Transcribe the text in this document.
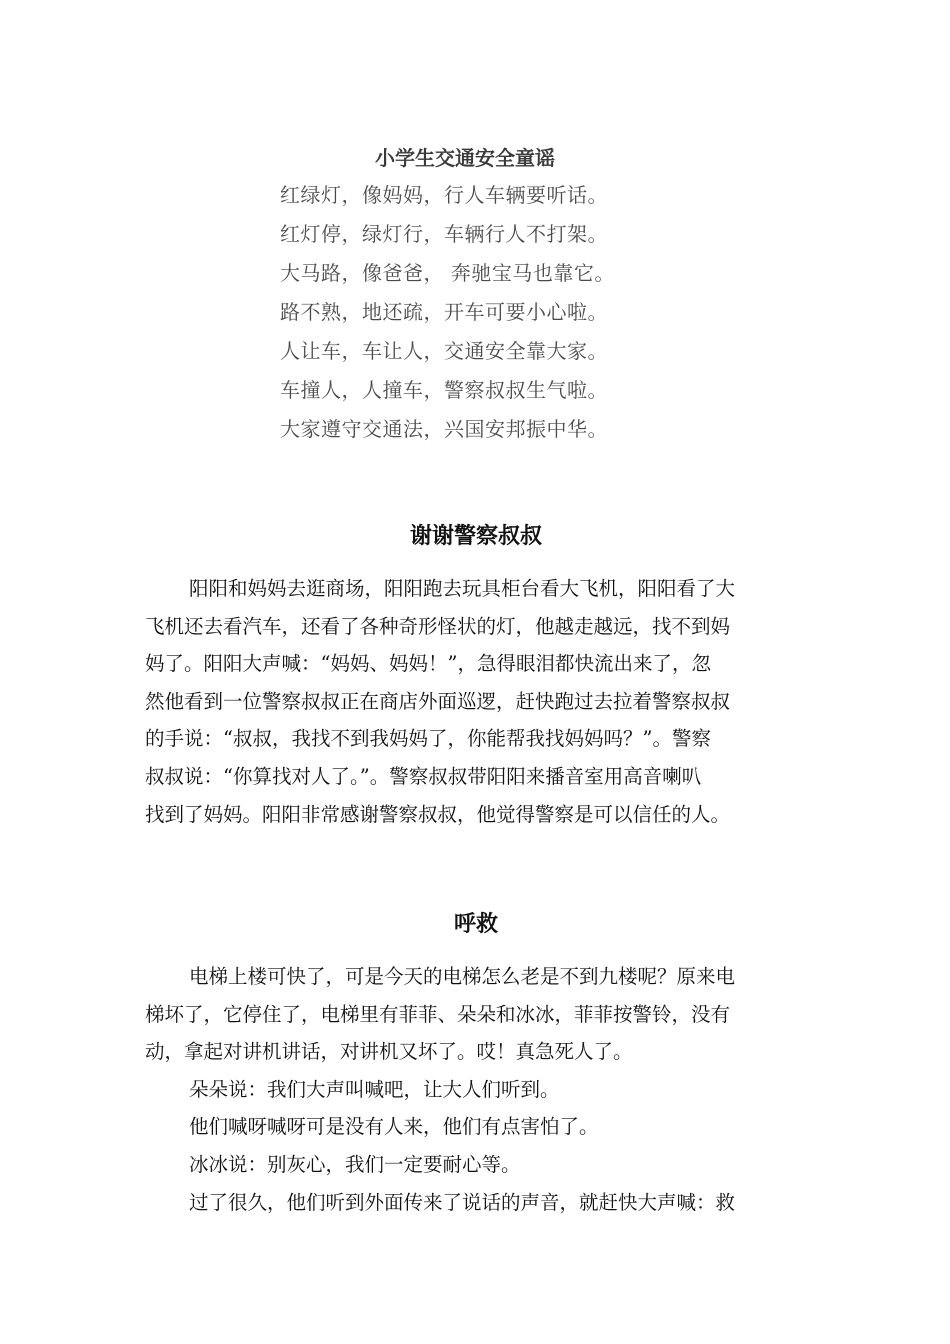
小学生交通安全童谣
红绿灯，像妈妈，行人车辆要听话。
红灯停，绿灯行，车辆行人不打架。
大马路，像爸爸， 奔驰宝马也靠它。
路不熟，地还疏，开车可要小心啦。
人让车，车让人，交通安全靠大家。
车撞人，人撞车，警察叔叔生气啦。
大家遵守交通法，兴国安邦振中华。
谢谢警察叔叔
阳阳和妈妈去逛商场，阳阳跑去玩具柜台看大飞机，阳阳看了大
飞机还去看汽车，还看了各种奇形怪状的灯，他越走越远，找不到妈
妈了。阳阳大声喊：“妈妈、妈妈！”，急得眼泪都快流出来了，忽
然他看到一位警察叔叔正在商店外面巡逻，赶快跑过去拉着警察叔叔
的手说：“叔叔，我找不到我妈妈了，你能帮我找妈妈吗？”。警察
叔叔说：“你算找对人了。”。警察叔叔带阳阳来播音室用高音喇叭
找到了妈妈。阳阳非常感谢警察叔叔，他觉得警察是可以信任的人。
呼救
电梯上楼可快了，可是今天的电梯怎么老是不到九楼呢？原来电
梯坏了，它停住了，电梯里有菲菲、朵朵和冰冰，菲菲按警铃，没有
动，拿起对讲机讲话，对讲机又坏了。哎！真急死人了。
朵朵说：我们大声叫喊吧，让大人们听到。
他们喊呀喊呀可是没有人来，他们有点害怕了。
冰冰说：别灰心，我们一定要耐心等。
过了很久，他们听到外面传来了说话的声音，就赶快大声喊：救
